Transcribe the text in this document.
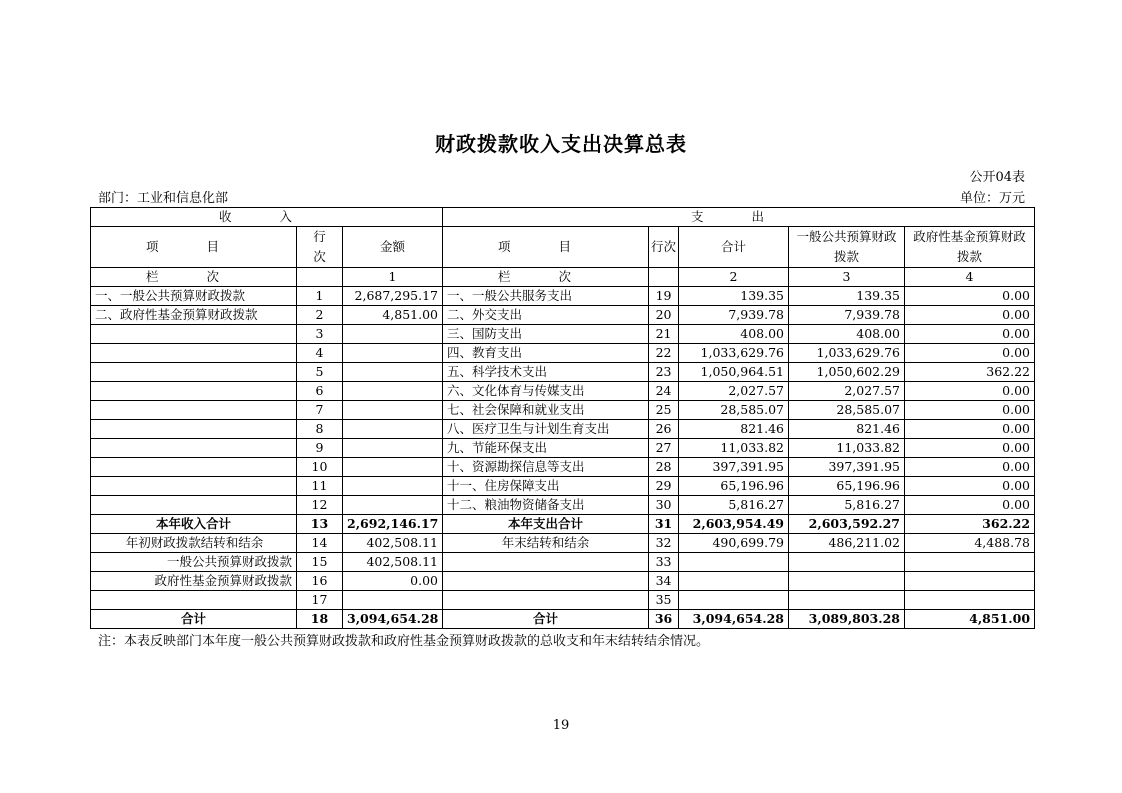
财政拨款收入支出决算总表
公开04表
部门：工业和信息化部	单位：万元
收 入			支 出				
项 目	行次	金额	项 目	行次	合计	一般公共预算财政拨款	政府性基金预算财政拨款
栏 次		1	栏 次		2	3	4
一、一般公共预算财政拨款	1	2,687,295.17	一、一般公共服务支出	19	139.35	139.35	0.00
二、政府性基金预算财政拨款	2	4,851.00	二、外交支出	20	7,939.78	7,939.78	0.00
	3		三、国防支出	21	408.00	408.00	0.00
	4		四、教育支出	22	1,033,629.76	1,033,629.76	0.00
	5		五、科学技术支出	23	1,050,964.51	1,050,602.29	362.22
	6		六、文化体育与传媒支出	24	2,027.57	2,027.57	0.00
	7		七、社会保障和就业支出	25	28,585.07	28,585.07	0.00
	8		八、医疗卫生与计划生育支出	26	821.46	821.46	0.00
	9		九、节能环保支出	27	11,033.82	11,033.82	0.00
	10		十、资源勘探信息等支出	28	397,391.95	397,391.95	0.00
	11		十一、住房保障支出	29	65,196.96	65,196.96	0.00
	12		十二、粮油物资储备支出	30	5,816.27	5,816.27	0.00
本年收入合计	13	2,692,146.17	本年支出合计	31	2,603,954.49	2,603,592.27	362.22
年初财政拨款结转和结余	14	402,508.11	年末结转和结余	32	490,699.79	486,211.02	4,488.78
一般公共预算财政拨款	15	402,508.11		33			
政府性基金预算财政拨款	16	0.00		34			
	17			35			
合计	18	3,094,654.28	合计	36	3,094,654.28	3,089,803.28	4,851.00
注：本表反映部门本年度一般公共预算财政拨款和政府性基金预算财政拨款的总收支和年末结转结余情况。
19
